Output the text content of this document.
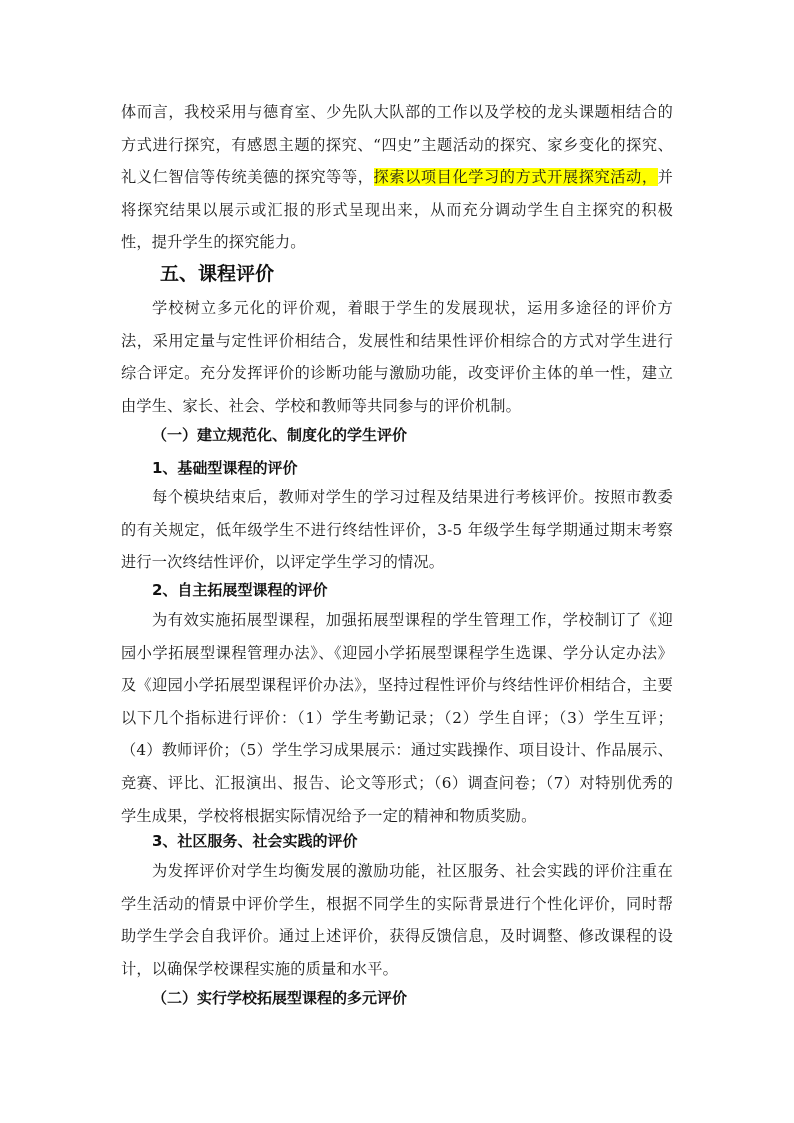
体而言，我校采用与德育室、少先队大队部的工作以及学校的龙头课题相结合的方式进行探究，有感恩主题的探究、“四史”主题活动的探究、家乡变化的探究、礼义仁智信等传统美德的探究等等，探索以项目化学习的方式开展探究活动，并将探究结果以展示或汇报的形式呈现出来，从而充分调动学生自主探究的积极性，提升学生的探究能力。

五、课程评价

学校树立多元化的评价观，着眼于学生的发展现状，运用多途径的评价方法，采用定量与定性评价相结合，发展性和结果性评价相综合的方式对学生进行综合评定。充分发挥评价的诊断功能与激励功能，改变评价主体的单一性，建立由学生、家长、社会、学校和教师等共同参与的评价机制。

（一）建立规范化、制度化的学生评价
1、基础型课程的评价

每个模块结束后，教师对学生的学习过程及结果进行考核评价。按照市教委的有关规定，低年级学生不进行终结性评价，3-5 年级学生每学期通过期末考察进行一次终结性评价，以评定学生学习的情况。

2、自主拓展型课程的评价

为有效实施拓展型课程，加强拓展型课程的学生管理工作，学校制订了《迎园小学拓展型课程管理办法》、《迎园小学拓展型课程学生选课、学分认定办法》及《迎园小学拓展型课程评价办法》，坚持过程性评价与终结性评价相结合，主要以下几个指标进行评价：（1）学生考勤记录；（2）学生自评；（3）学生互评；（4）教师评价；（5）学生学习成果展示：通过实践操作、项目设计、作品展示、竞赛、评比、汇报演出、报告、论文等形式；（6）调查问卷；（7）对特别优秀的学生成果，学校将根据实际情况给予一定的精神和物质奖励。

3、社区服务、社会实践的评价

为发挥评价对学生均衡发展的激励功能，社区服务、社会实践的评价注重在学生活动的情景中评价学生，根据不同学生的实际背景进行个性化评价，同时帮助学生学会自我评价。通过上述评价，获得反馈信息，及时调整、修改课程的设计，以确保学校课程实施的质量和水平。

（二）实行学校拓展型课程的多元评价
